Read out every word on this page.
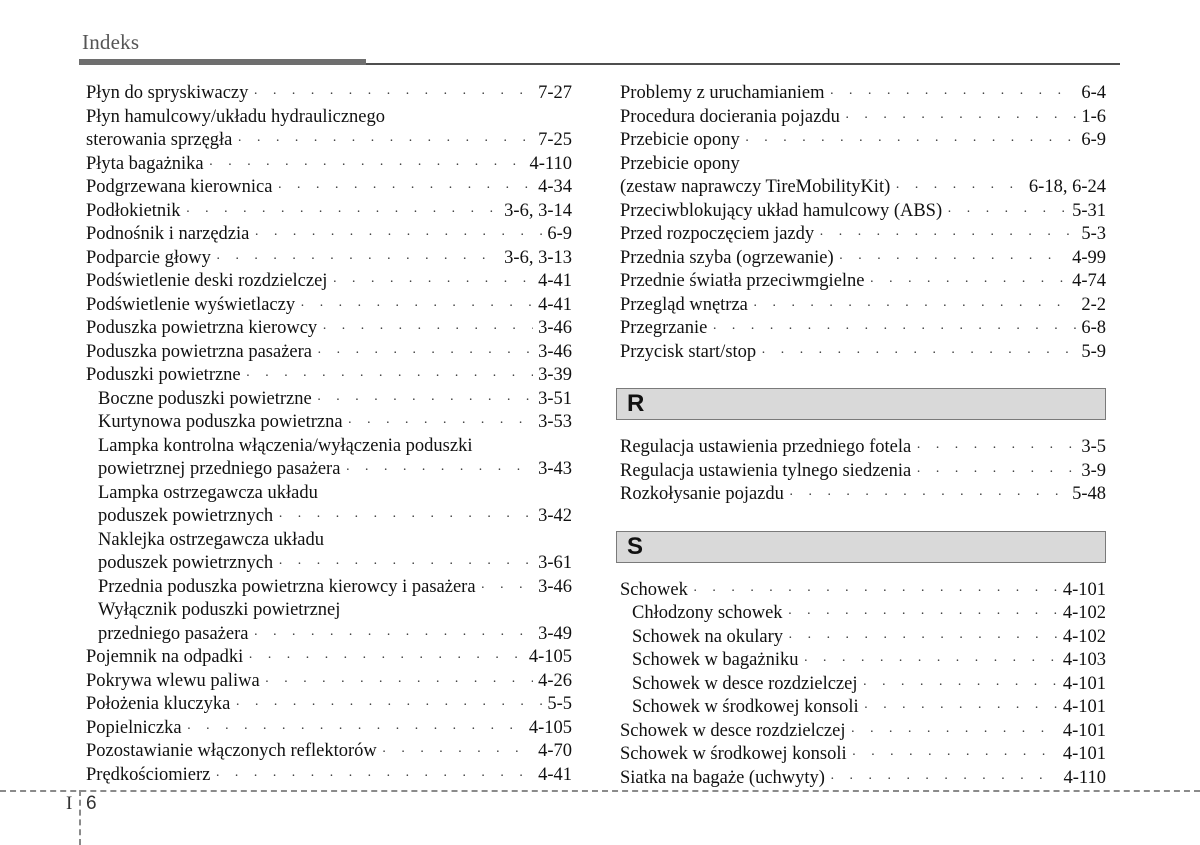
Indeks
Płyn do spryskiwaczy · · ·	7-27
Płyn hamulcowy/układu hydraulicznego
sterowania sprzęgła · · ·	7-25
Płyta bagażnika · · ·	4-110
Podgrzewana kierownica · · ·	4-34
Podłokietnik · · ·	3-6, 3-14
Podnośnik i narzędzia · · ·	6-9
Podparcie głowy · · ·	3-6, 3-13
Podświetlenie deski rozdzielczej · · ·	4-41
Podświetlenie wyświetlaczy · · ·	4-41
Poduszka powietrzna kierowcy · · ·	3-46
Poduszka powietrzna pasażera · · ·	3-46
Poduszki powietrzne · · ·	3-39
Boczne poduszki powietrzne · · ·	3-51
Kurtynowa poduszka powietrzna · · ·	3-53
Lampka kontrolna włączenia/wyłączenia poduszki
powietrznej przedniego pasażera · · ·	3-43
Lampka ostrzegawcza układu
poduszek powietrznych · · ·	3-42
Naklejka ostrzegawcza układu
poduszek powietrznych · · ·	3-61
Przednia poduszka powietrzna kierowcy i pasażera · · ·	3-46
Wyłącznik poduszki powietrznej
przedniego pasażera · · ·	3-49
Pojemnik na odpadki · · ·	4-105
Pokrywa wlewu paliwa · · ·	4-26
Położenia kluczyka · · ·	5-5
Popielniczka · · ·	4-105
Pozostawianie włączonych reflektorów · · ·	4-70
Prędkościomierz · · ·	4-41
Problemy z uruchamianiem · · ·	6-4
Procedura docierania pojazdu · · ·	1-6
Przebicie opony · · ·	6-9
Przebicie opony
(zestaw naprawczy TireMobilityKit) · · ·	6-18, 6-24
Przeciwblokujący układ hamulcowy (ABS) · · ·	5-31
Przed rozpoczęciem jazdy · · ·	5-3
Przednia szyba (ogrzewanie) · · ·	4-99
Przednie światła przeciwmgielne · · ·	4-74
Przegląd wnętrza · · ·	2-2
Przegrzanie · · ·	6-8
Przycisk start/stop · · ·	5-9
R
Regulacja ustawienia przedniego fotela · · ·	3-5
Regulacja ustawienia tylnego siedzenia · · ·	3-9
Rozkołysanie pojazdu · · ·	5-48
S
Schowek · · ·	4-101
Chłodzony schowek · · ·	4-102
Schowek na okulary · · ·	4-102
Schowek w bagażniku · · ·	4-103
Schowek w desce rozdzielczej · · ·	4-101
Schowek w środkowej konsoli · · ·	4-101
Schowek w desce rozdzielczej · · ·	4-101
Schowek w środkowej konsoli · · ·	4-101
Siatka na bagaże (uchwyty) · · ·	4-110
I 6
